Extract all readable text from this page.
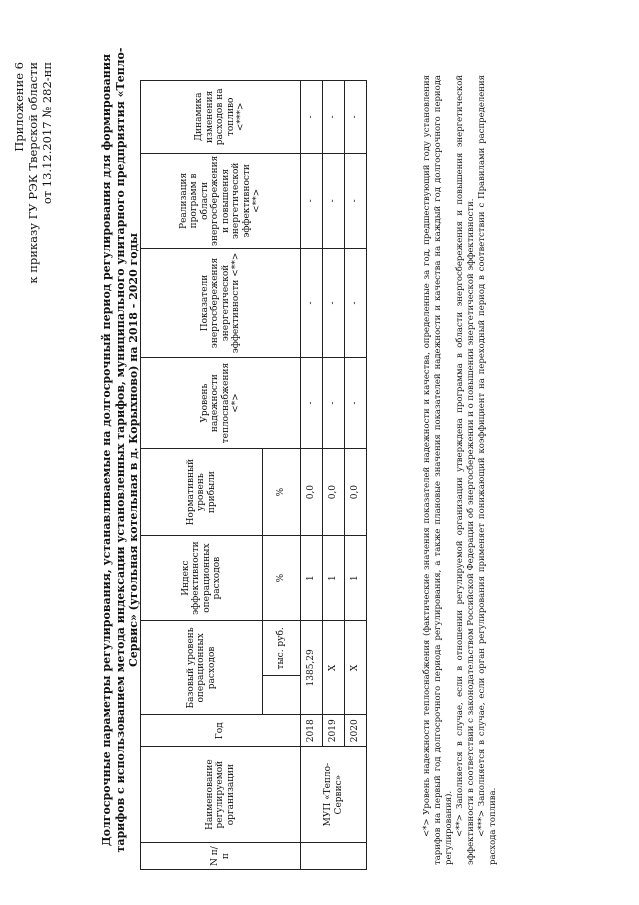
Приложение 6 к приказу ГУ РЭК Тверской области от 13.12.2017 № 282-нп	Долгосрочные параметры регулирования, устанавливаемые на долгосрочный период регулирования для формирования тарифов с использованием метода индексации установленных тарифов, муниципального унитарного предприятия «Тепло-Сервис» (угольная котельная в д. Корыхново) на 2018 - 2020 годы
N п/п	Наименование регулируемой организации	Год	Базовый уровень операционных расходов		Индекс эффективности операционных расходов	Нормативный уровень прибыли	Уровень надежности теплоснабжения <*>	Показатели энергосбережения энергетической эффективности <**>	Реализация программ в области энергосбережения и повышения энергетической эффективности <**>	Динамика изменения расходов на топливо <***>
				тыс. руб.	%	%				
	МУП «Тепло-Сервис»	2018	1385,29		1	0,0	-	-	-	-
		2019	Х		1	0,0	-	-	-	-
		2020	Х		1	0,0	-	-	-	-	<*> Уровень надежности теплоснабжения (фактические значения показателей надежности и качества, определенные за год, предшествующий году установления тарифов на первый год долгосрочного периода регулирования, а также плановые значения показателей надежности и качества на каждый год долгосрочного периода регулирования). <**> Заполняется в случае, если в отношении регулируемой организации утверждена программа в области энергосбережения и повышения энергетической эффективности в соответствии с законодательством Российской Федерации об энергосбережении и о повышении энергетической эффективности. <***> Заполняется в случае, если орган регулирования применяет понижающий коэффициент на переходный период в соответствии с Правилами распределения расхода топлива.
